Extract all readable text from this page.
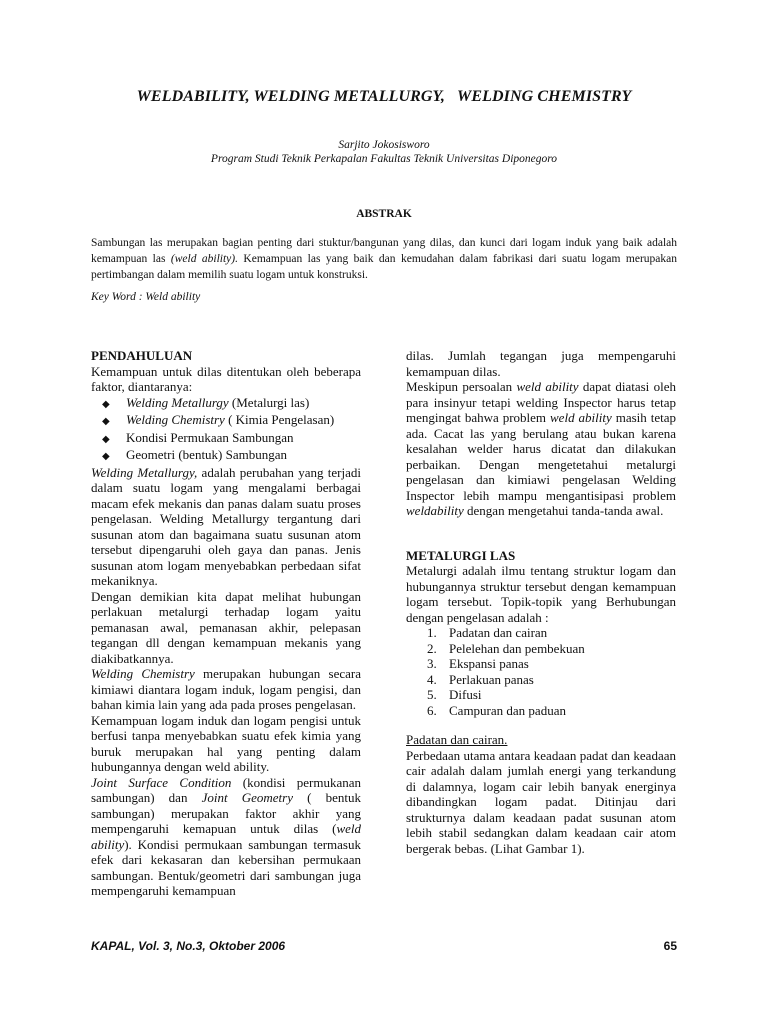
WELDABILITY, WELDING METALLURGY,   WELDING CHEMISTRY
Sarjito Jokosisworo
Program Studi Teknik Perkapalan Fakultas Teknik Universitas Diponegoro
ABSTRAK

Sambungan las merupakan bagian penting dari stuktur/bangunan yang dilas, dan kunci dari logam induk yang baik adalah kemampuan las (weld ability). Kemampuan las yang baik dan kemudahan dalam fabrikasi dari suatu logam merupakan pertimbangan dalam memilih suatu logam untuk konstruksi.

Key Word : Weld ability
PENDAHULUAN

Kemampuan untuk dilas ditentukan oleh beberapa faktor, diantaranya:

◆	Welding Metallurgy (Metalurgi las)
◆	Welding Chemistry ( Kimia Pengelasan)
◆	Kondisi Permukaan Sambungan
◆	Geometri (bentuk) Sambungan

Welding Metallurgy, adalah perubahan yang terjadi dalam suatu logam yang mengalami berbagai macam efek mekanis dan panas dalam suatu proses pengelasan. Welding Metallurgy tergantung dari susunan atom dan bagaimana suatu susunan atom tersebut dipengaruhi oleh gaya dan panas. Jenis susunan atom logam menyebabkan perbedaan sifat mekaniknya.

Dengan demikian kita dapat melihat hubungan perlakuan metalurgi terhadap logam yaitu pemanasan awal, pemanasan akhir, pelepasan tegangan dll dengan kemampuan mekanis yang diakibatkannya.

Welding Chemistry merupakan hubungan secara kimiawi diantara logam induk, logam pengisi, dan bahan kimia lain yang ada pada proses pengelasan.

Kemampuan logam induk dan logam pengisi untuk berfusi tanpa menyebabkan suatu efek kimia yang buruk merupakan hal yang penting dalam hubungannya dengan weld ability.

Joint Surface Condition (kondisi permukanan sambungan) dan Joint Geometry ( bentuk sambungan) merupakan faktor akhir yang mempengaruhi kemapuan untuk dilas (weld ability). Kondisi permukaan sambungan termasuk efek dari kekasaran dan kebersihan permukaan sambungan. Bentuk/geometri dari sambungan juga mempengaruhi kemampuan

dilas. Jumlah tegangan juga mempengaruhi kemampuan dilas.

Meskipun persoalan weld ability dapat diatasi oleh para insinyur tetapi welding Inspector harus tetap mengingat bahwa problem weld ability masih tetap ada. Cacat las yang berulang atau bukan karena kesalahan welder harus dicatat dan dilakukan perbaikan. Dengan mengetetahui metalurgi pengelasan dan kimiawi pengelasan Welding Inspector lebih mampu mengantisipasi problem weldability dengan mengetahui tanda-tanda awal.

METALURGI LAS

Metalurgi adalah ilmu tentang struktur logam dan hubungannya struktur tersebut dengan kemampuan logam tersebut. Topik-topik yang Berhubungan dengan pengelasan adalah :

1. Padatan dan cairan
2. Pelelehan dan pembekuan
3. Ekspansi panas
4. Perlakuan panas
5. Difusi
6. Campuran dan paduan

Padatan dan cairan.

Perbedaan utama antara keadaan padat dan keadaan cair adalah dalam jumlah energi yang terkandung di dalamnya, logam cair lebih banyak energinya dibandingkan logam padat. Ditinjau dari strukturnya dalam keadaan padat susunan atom lebih stabil sedangkan dalam keadaan cair atom bergerak bebas. (Lihat Gambar 1).

KAPAL, Vol. 3, No.3, Oktober 2006	65
